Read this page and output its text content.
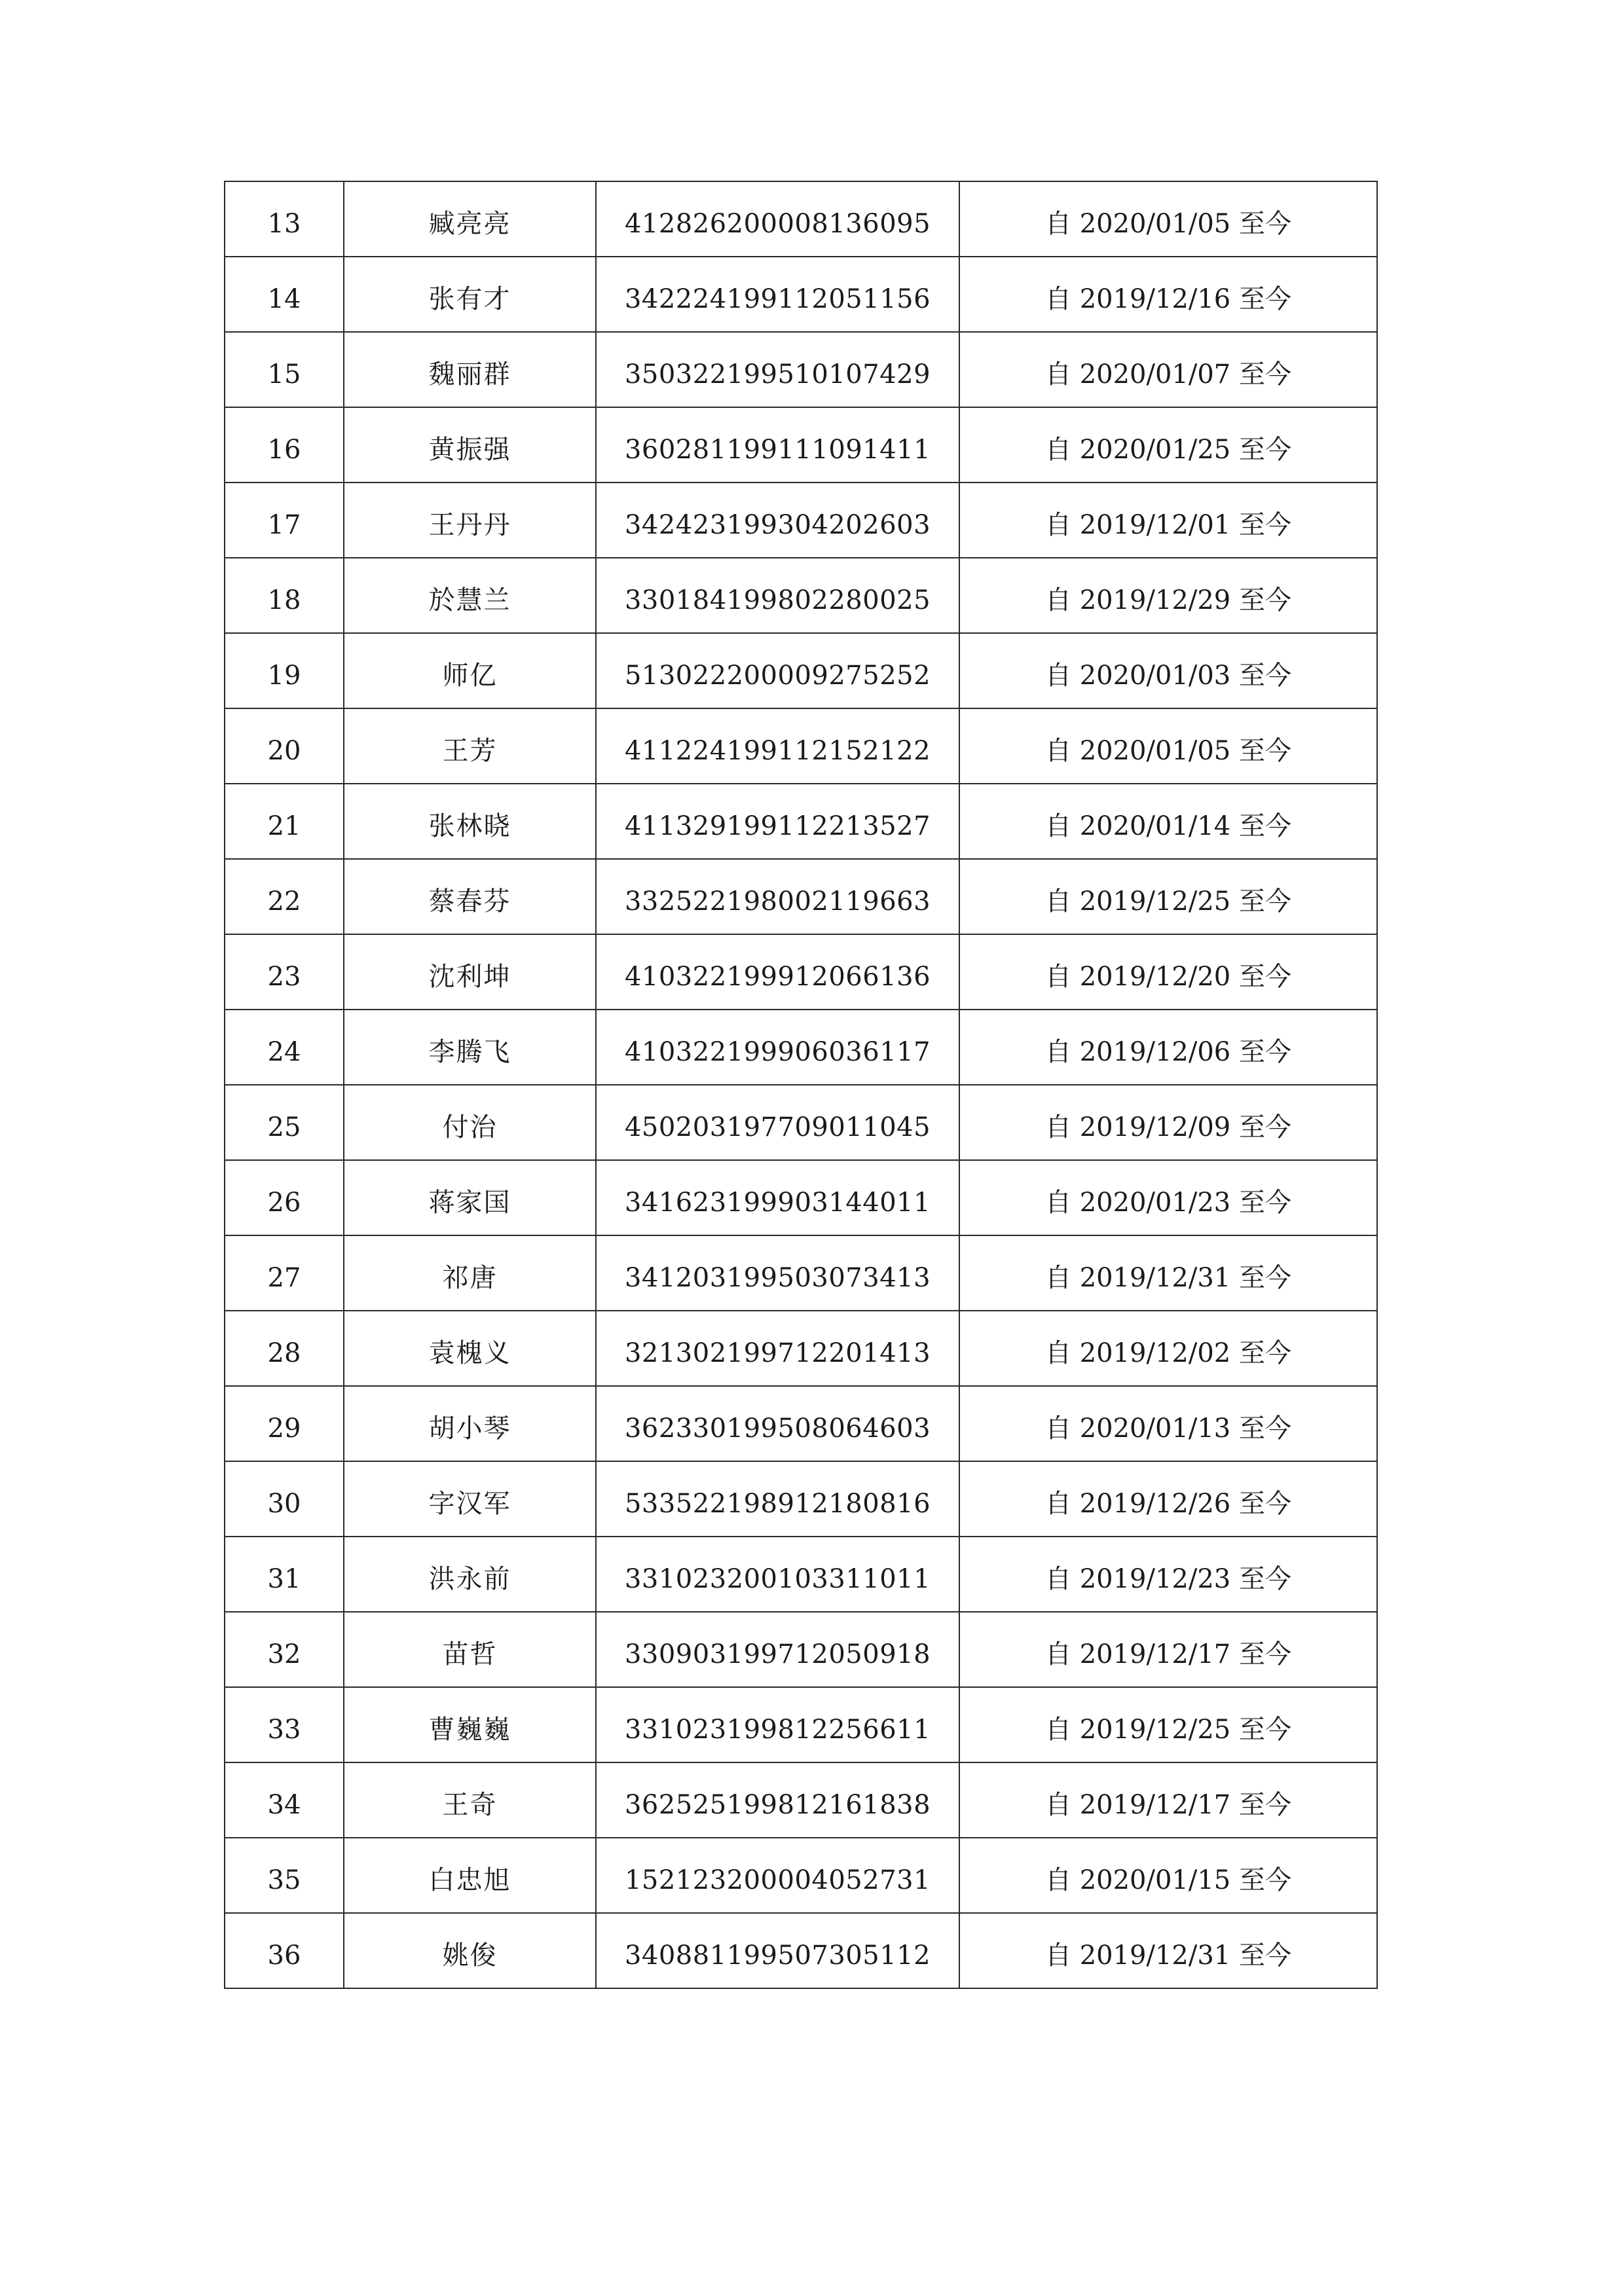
13	臧亮亮	412826200008136095	自 2020/01/05 至今
14	张有才	342224199112051156	自 2019/12/16 至今
15	魏丽群	350322199510107429	自 2020/01/07 至今
16	黄振强	360281199111091411	自 2020/01/25 至今
17	王丹丹	342423199304202603	自 2019/12/01 至今
18	於慧兰	330184199802280025	自 2019/12/29 至今
19	师亿	513022200009275252	自 2020/01/03 至今
20	王芳	411224199112152122	自 2020/01/05 至今
21	张林晓	411329199112213527	自 2020/01/14 至今
22	蔡春芬	332522198002119663	自 2019/12/25 至今
23	沈利坤	410322199912066136	自 2019/12/20 至今
24	李腾飞	410322199906036117	自 2019/12/06 至今
25	付治	450203197709011045	自 2019/12/09 至今
26	蒋家国	341623199903144011	自 2020/01/23 至今
27	祁唐	341203199503073413	自 2019/12/31 至今
28	袁槐义	321302199712201413	自 2019/12/02 至今
29	胡小琴	362330199508064603	自 2020/01/13 至今
30	字汉军	533522198912180816	自 2019/12/26 至今
31	洪永前	331023200103311011	自 2019/12/23 至今
32	苗哲	330903199712050918	自 2019/12/17 至今
33	曹巍巍	331023199812256611	自 2019/12/25 至今
34	王奇	362525199812161838	自 2019/12/17 至今
35	白忠旭	152123200004052731	自 2020/01/15 至今
36	姚俊	340881199507305112	自 2019/12/31 至今
